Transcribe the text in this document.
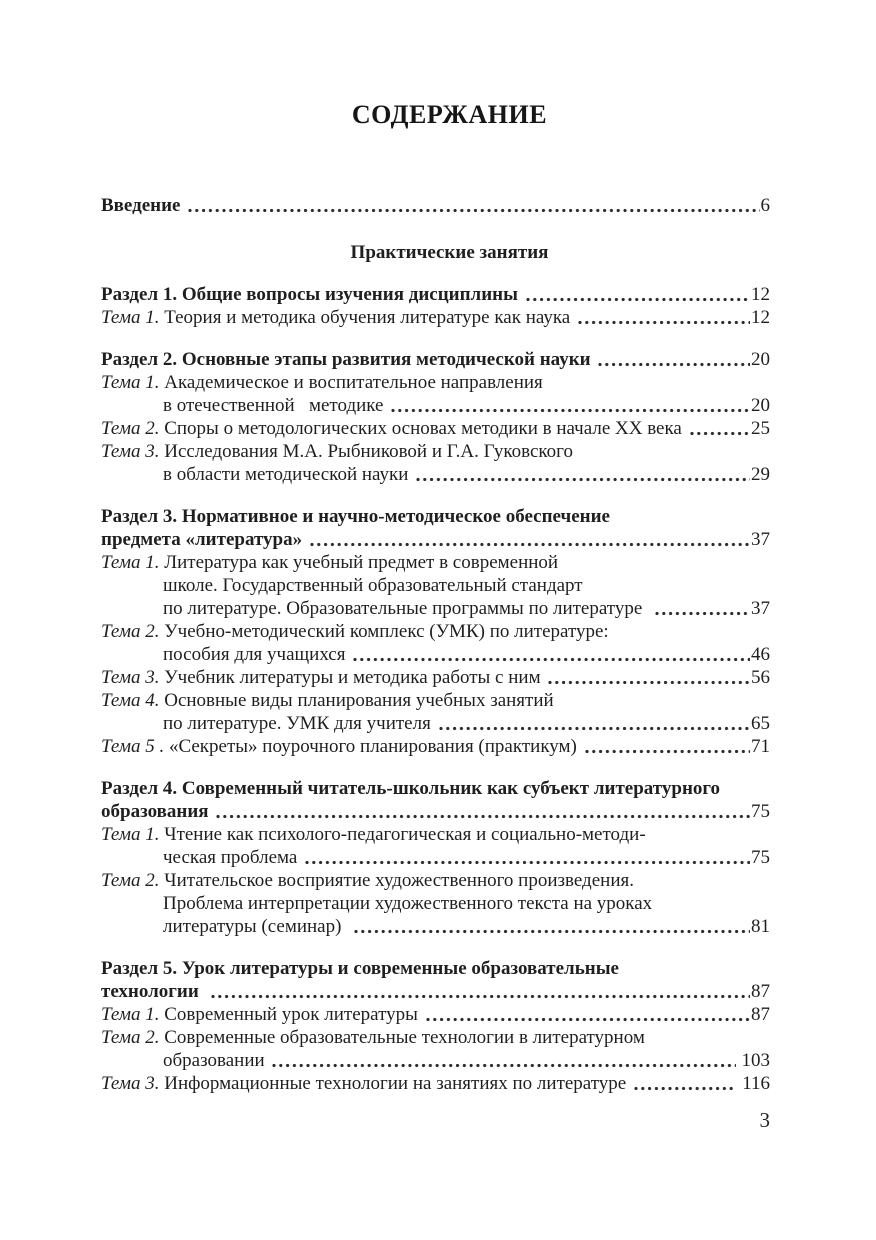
СОДЕРЖАНИЕ
Введение	6
Практические занятия
Раздел 1. Общие вопросы изучения дисциплины	12
Тема 1. Теория и методика обучения литературе как наука	12
Раздел 2. Основные этапы развития методической науки	20
Тема 1. Академическое и воспитательное направления
в отечественной   методике	20
Тема 2. Споры о методологических основах методики в начале XX века	25
Тема 3. Исследования М.А. Рыбниковой и Г.А. Гуковского
в области методической науки	29
Раздел 3. Нормативное и научно-методическое обеспечение
предмета «литература»	37
Тема 1. Литература как учебный предмет в современной
школе. Государственный образовательный стандарт
по литературе. Образовательные программы по литературе	37
Тема 2. Учебно-методический комплекс (УМК) по литературе:
пособия для учащихся	46
Тема 3. Учебник литературы и методика работы с ним	56
Тема 4. Основные виды планирования учебных занятий
по литературе. УМК для учителя	65
Тема 5 . «Секреты» поурочного планирования (практикум)	71
Раздел 4. Современный читатель-школьник как субъект литературного
образования	75
Тема 1. Чтение как психолого-педагогическая и социально-методи-
ческая проблема	75
Тема 2. Читательское восприятие художественного произведения.
Проблема интерпретации художественного текста на уроках
литературы (семинар)	81
Раздел 5. Урок литературы и современные образовательные
технологии	87
Тема 1. Современный урок литературы	87
Тема 2. Современные образовательные технологии в литературном
образовании	103
Тема 3. Информационные технологии на занятиях по литературе	116
3
